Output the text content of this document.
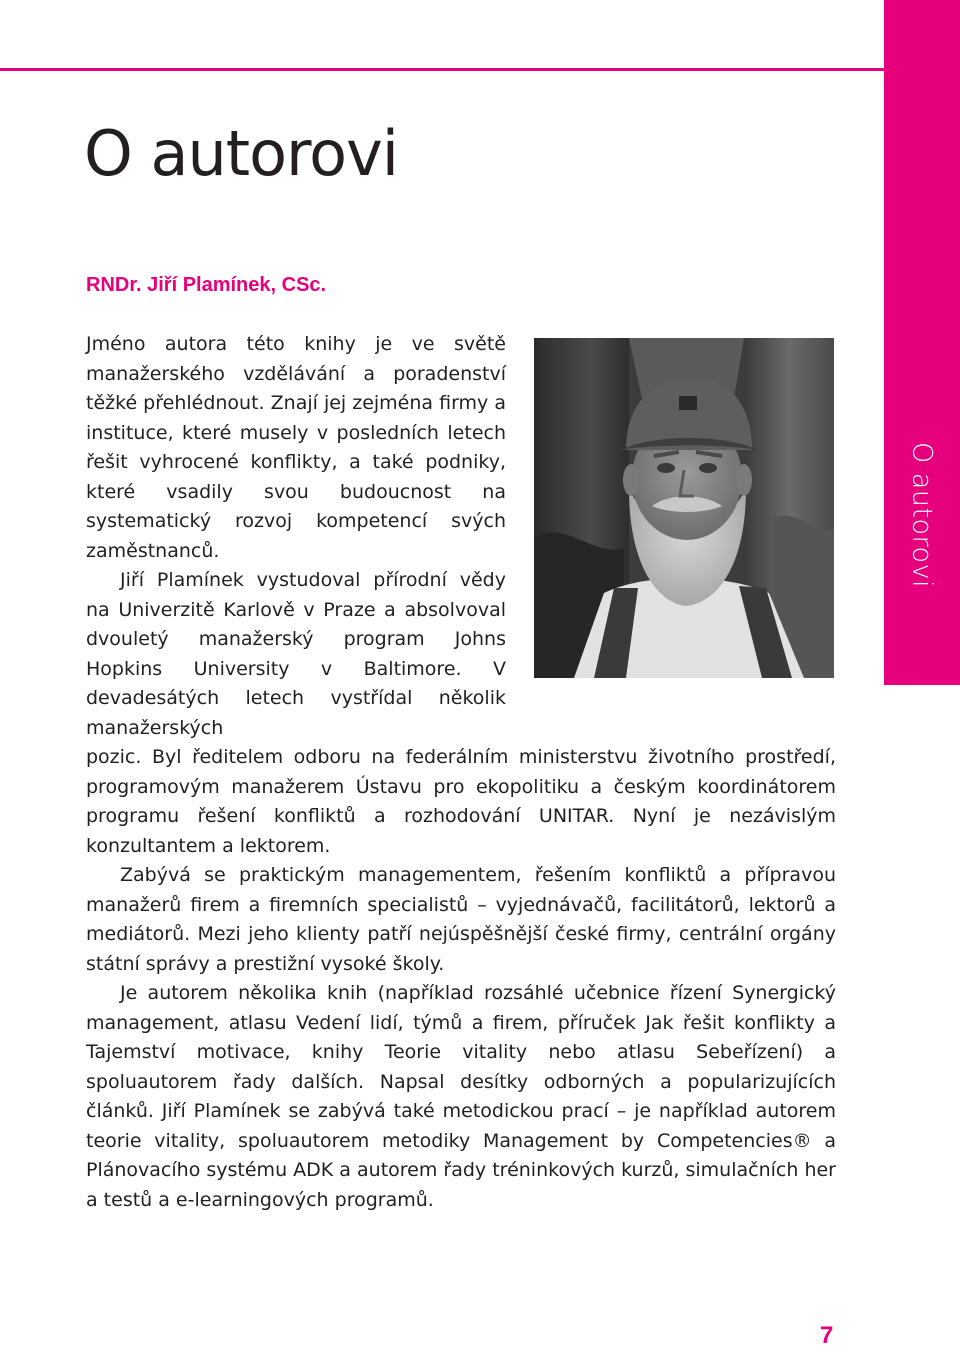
O autorovi
O autorovi
RNDr. Jiří Plamínek, CSc.

Jméno autora této knihy je ve světě manažerského vzdělávání a poradenství těžké přehlédnout. Znají jej zejména firmy a instituce, které musely v posledních letech řešit vyhrocené konflikty, a také podniky, které vsadily svou budoucnost na systematický rozvoj kompetencí svých zaměstnanců.

Jiří Plamínek vystudoval přírodní vědy na Univerzitě Karlově v Praze a absolvoval dvouletý manažerský program Johns Hopkins University v Baltimore. V devadesátých letech vystřídal několik manažerských

pozic. Byl ředitelem odboru na federálním ministerstvu životního prostředí, programovým manažerem Ústavu pro ekopolitiku a českým koordinátorem programu řešení konfliktů a rozhodování UNITAR. Nyní je nezávislým konzultantem a lektorem.

Zabývá se praktickým managementem, řešením konfliktů a přípravou manažerů firem a firemních specialistů – vyjednávačů, facilitátorů, lektorů a mediátorů. Mezi jeho klienty patří nejúspěšnější české firmy, centrální orgány státní správy a prestižní vysoké školy.

Je autorem několika knih (například rozsáhlé učebnice řízení Synergický management, atlasu Vedení lidí, týmů a firem, příruček Jak řešit konflikty a Tajemství motivace, knihy Teorie vitality nebo atlasu Sebeřízení) a spoluautorem řady dalších. Napsal desítky odborných a popularizujících článků. Jiří Plamínek se zabývá také metodickou prací – je například autorem teorie vitality, spoluautorem metodiky Management by Competencies® a Plánovacího systému ADK a autorem řady tréninkových kurzů, simulačních her a testů a e-learningových programů.

7
